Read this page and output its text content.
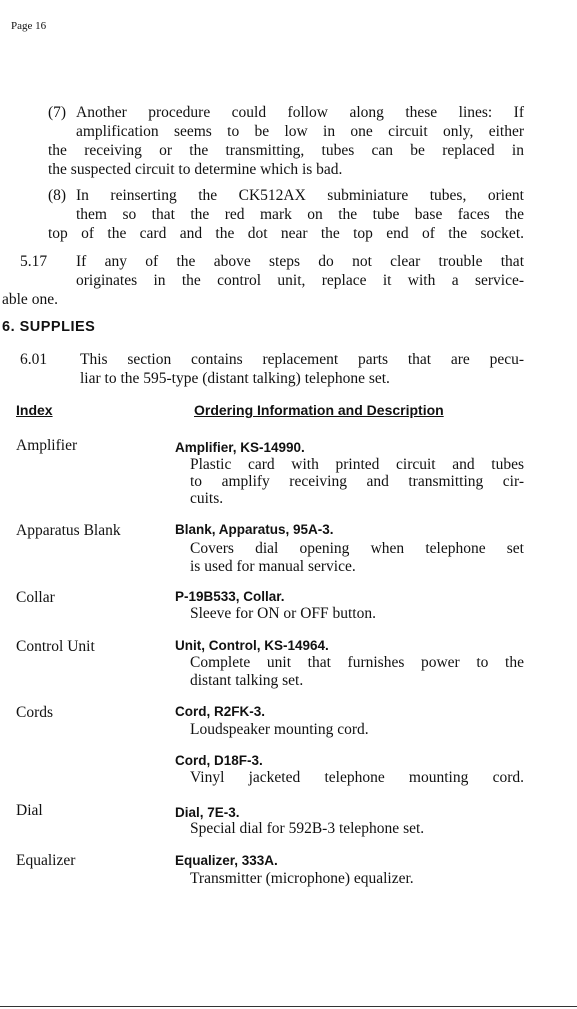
Page 16
(7) Another procedure could follow along these lines: If
amplification seems to be low in one circuit only, either
the receiving or the transmitting, tubes can be replaced in
the suspected circuit to determine which is bad.
(8) In reinserting the CK512AX subminiature tubes, orient
them so that the red mark on the tube base faces the
top of the card and the dot near the top end of the socket.
5.17 If any of the above steps do not clear trouble that
originates in the control unit, replace it with a service-
able one.
6. SUPPLIES
6.01 This section contains replacement parts that are pecu-
liar to the 595-type (distant talking) telephone set.
Index	Ordering Information and Description
Amplifier	Amplifier, KS-14990.
Plastic card with printed circuit and tubes
to amplify receiving and transmitting cir-
cuits.
Apparatus Blank	Blank, Apparatus, 95A-3.
Covers dial opening when telephone set
is used for manual service.
Collar	P-19B533, Collar.
Sleeve for ON or OFF button.
Control Unit	Unit, Control, KS-14964.
Complete unit that furnishes power to the
distant talking set.
Cords	Cord, R2FK-3.
Loudspeaker mounting cord.
Cord, D18F-3.
Vinyl jacketed telephone mounting cord.
Dial	Dial, 7E-3.
Special dial for 592B-3 telephone set.
Equalizer	Equalizer, 333A.
Transmitter (microphone) equalizer.
